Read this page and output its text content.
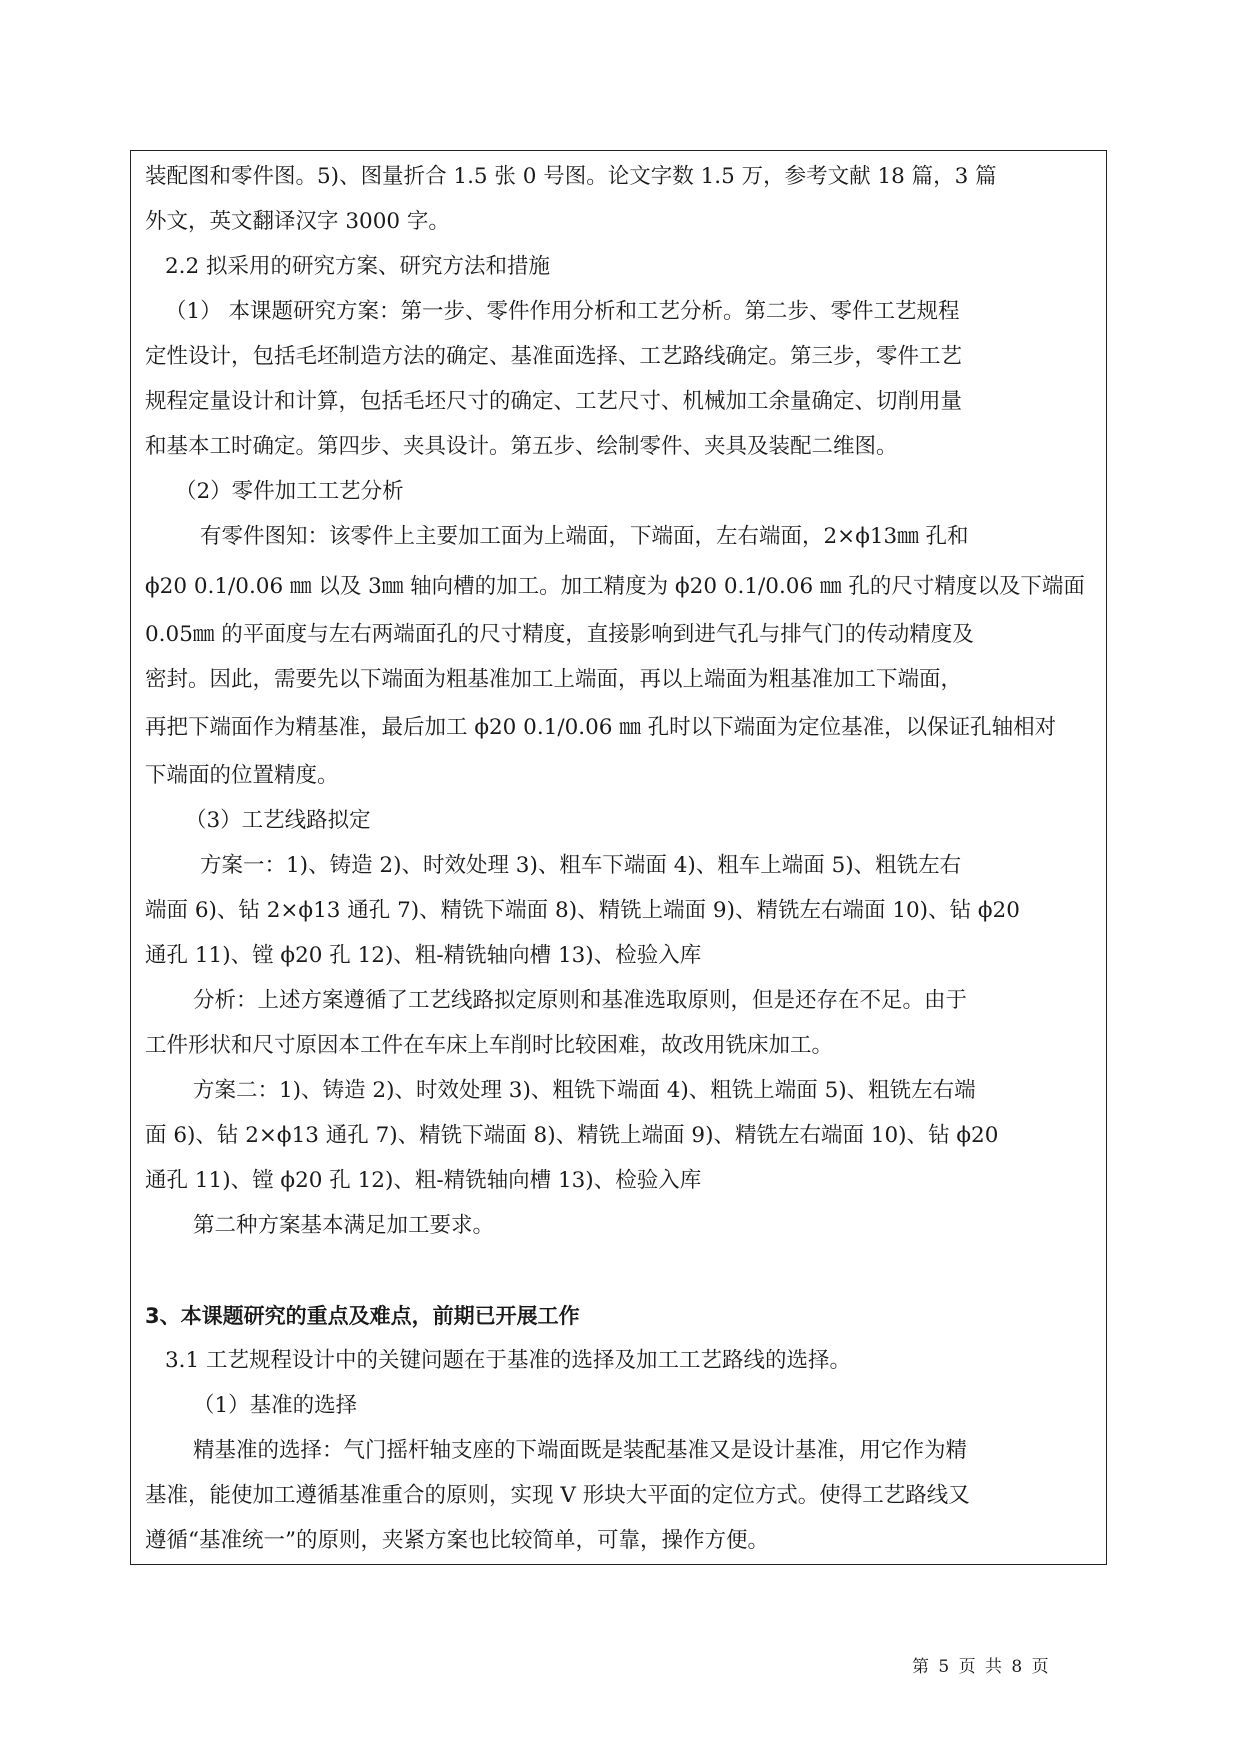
装配图和零件图。5)、图量折合 1.5 张 0 号图。论文字数 1.5 万，参考文献 18 篇，3 篇
外文，英文翻译汉字 3000 字。
2.2 拟采用的研究方案、研究方法和措施
（1） 本课题研究方案：第一步、零件作用分析和工艺分析。第二步、零件工艺规程
定性设计，包括毛坯制造方法的确定、基准面选择、工艺路线确定。第三步，零件工艺
规程定量设计和计算，包括毛坯尺寸的确定、工艺尺寸、机械加工余量确定、切削用量
和基本工时确定。第四步、夹具设计。第五步、绘制零件、夹具及装配二维图。
（2）零件加工工艺分析
有零件图知：该零件上主要加工面为上端面，下端面，左右端面，2×ϕ13㎜ 孔和
ϕ20 0.1/0.06 ㎜ 以及 3㎜ 轴向槽的加工。加工精度为 ϕ20 0.1/0.06 ㎜ 孔的尺寸精度以及下端面
0.05㎜ 的平面度与左右两端面孔的尺寸精度，直接影响到进气孔与排气门的传动精度及
密封。因此，需要先以下端面为粗基准加工上端面，再以上端面为粗基准加工下端面，
再把下端面作为精基准，最后加工 ϕ20 0.1/0.06 ㎜ 孔时以下端面为定位基准，以保证孔轴相对
下端面的位置精度。
（3）工艺线路拟定
方案一：1)、铸造 2)、时效处理 3)、粗车下端面 4)、粗车上端面 5)、粗铣左右
端面 6)、钻 2×ϕ13 通孔 7)、精铣下端面 8)、精铣上端面 9)、精铣左右端面 10)、钻 ϕ20
通孔 11)、镗 ϕ20 孔 12)、粗-精铣轴向槽 13)、检验入库
分析：上述方案遵循了工艺线路拟定原则和基准选取原则，但是还存在不足。由于
工件形状和尺寸原因本工件在车床上车削时比较困难，故改用铣床加工。
方案二：1)、铸造 2)、时效处理 3)、粗铣下端面 4)、粗铣上端面 5)、粗铣左右端
面 6)、钻 2×ϕ13 通孔 7)、精铣下端面 8)、精铣上端面 9)、精铣左右端面 10)、钻 ϕ20
通孔 11)、镗 ϕ20 孔 12)、粗-精铣轴向槽 13)、检验入库
第二种方案基本满足加工要求。
3、本课题研究的重点及难点，前期已开展工作
3.1 工艺规程设计中的关键问题在于基准的选择及加工工艺路线的选择。
（1）基准的选择
精基准的选择：气门摇杆轴支座的下端面既是装配基准又是设计基准，用它作为精
基准，能使加工遵循基准重合的原则，实现 V 形块大平面的定位方式。使得工艺路线又
遵循“基准统一”的原则，夹紧方案也比较简单，可靠，操作方便。
第 5 页 共 8 页
